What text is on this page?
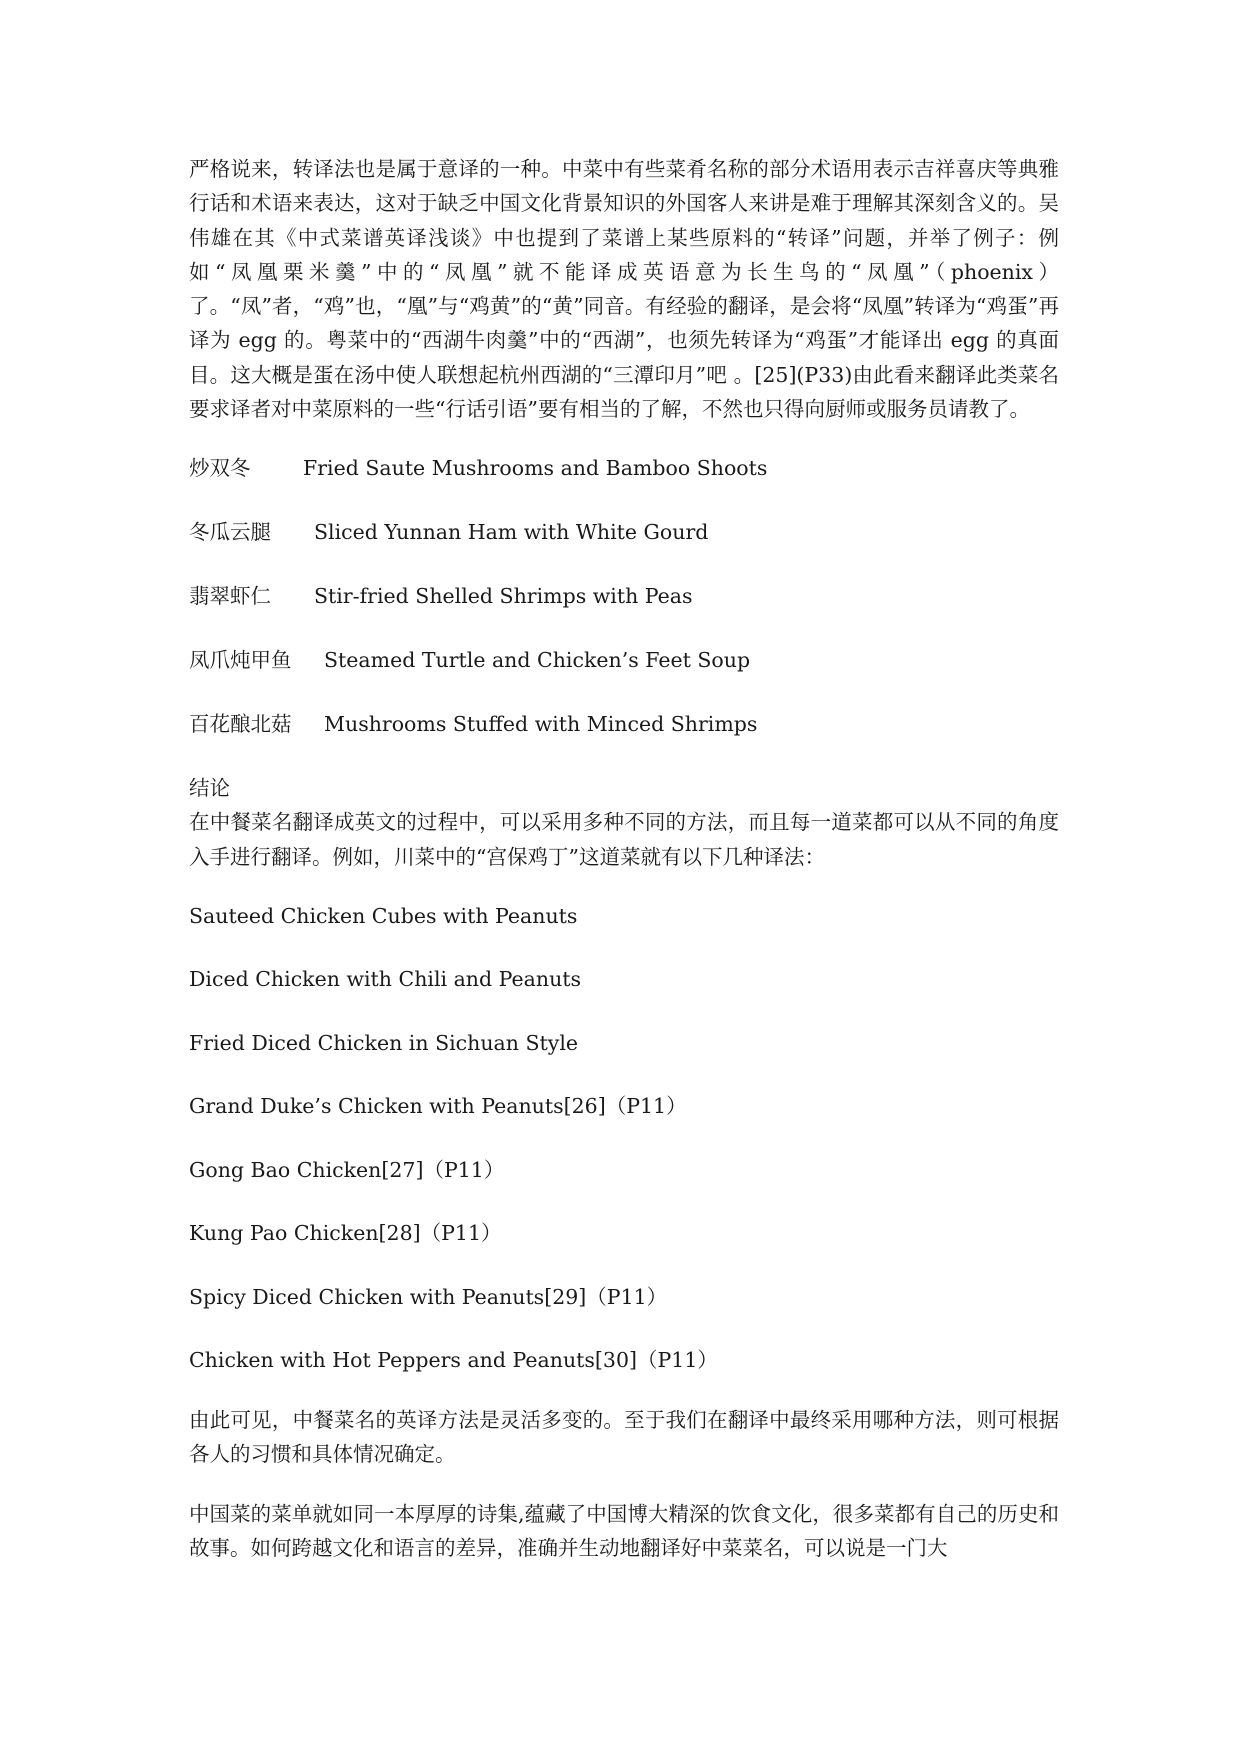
严格说来，转译法也是属于意译的一种。中菜中有些菜肴名称的部分术语用表示吉祥喜庆等典雅行话和术语来表达，这对于缺乏中国文化背景知识的外国客人来讲是难于理解其深刻含义的。吴伟雄在其《中式菜谱英译浅谈》中也提到了菜谱上某些原料的“转译”问题，并举了例子：例如“凤凰栗米羹”中的“凤凰”就不能译成英语意为长生鸟的“凤凰”（phoenix）了。“凤”者，“鸡”也，“凰”与“鸡黄”的“黄”同音。有经验的翻译，是会将“凤凰”转译为“鸡蛋”再译为 egg 的。粤菜中的“西湖牛肉羹”中的“西湖”，也须先转译为“鸡蛋”才能译出 egg 的真面目。这大概是蛋在汤中使人联想起杭州西湖的“三潭印月”吧 。[25](P33)由此看来翻译此类菜名要求译者对中菜原料的一些“行话引语”要有相当的了解，不然也只得向厨师或服务员请教了。

炒双冬	Fried Saute Mushrooms and Bamboo Shoots
冬瓜云腿 Sliced Yunnan Ham with White Gourd
翡翠虾仁 Stir-fried Shelled Shrimps with Peas
凤爪炖甲鱼 Steamed Turtle and Chicken’s Feet Soup
百花酿北菇 Mushrooms Stuffed with Minced Shrimps

结论

在中餐菜名翻译成英文的过程中，可以采用多种不同的方法，而且每一道菜都可以从不同的角度入手进行翻译。例如，川菜中的“宫保鸡丁”这道菜就有以下几种译法：

Sauteed Chicken Cubes with Peanuts
Diced Chicken with Chili and Peanuts
Fried Diced Chicken in Sichuan Style
Grand Duke’s Chicken with Peanuts[26]（P11）
Gong Bao Chicken[27]（P11）
Kung Pao Chicken[28]（P11）
Spicy Diced Chicken with Peanuts[29]（P11）
Chicken with Hot Peppers and Peanuts[30]（P11）

由此可见，中餐菜名的英译方法是灵活多变的。至于我们在翻译中最终采用哪种方法，则可根据各人的习惯和具体情况确定。

中国菜的菜单就如同一本厚厚的诗集,蕴藏了中国博大精深的饮食文化，很多菜都有自己的历史和故事。如何跨越文化和语言的差异，准确并生动地翻译好中菜菜名，可以说是一门大
